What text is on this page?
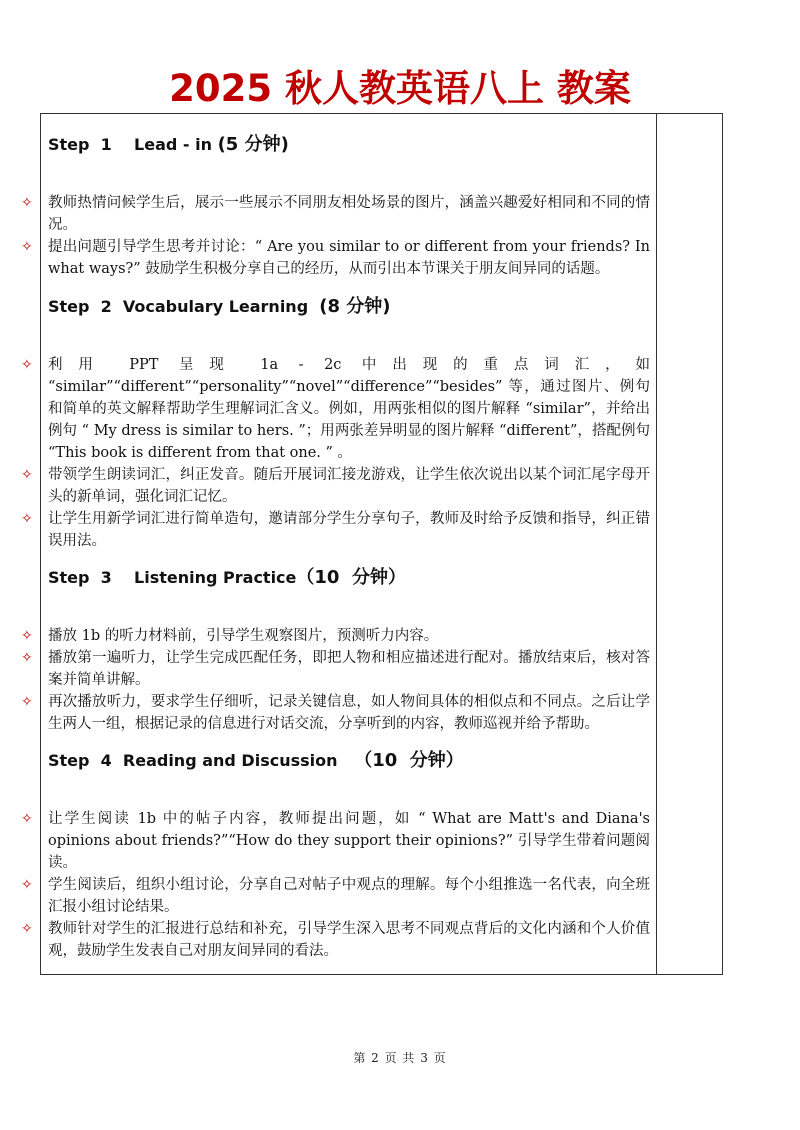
2025 秋人教英语八上 教案

Step  1    Lead - in (5 分钟)

✧ 教师热情问候学生后，展示一些展示不同朋友相处场景的图片，涵盖兴趣爱好相同和不同的情况。

✧ 提出问题引导学生思考并讨论：“ Are you similar to or different from your friends? In what ways?” 鼓励学生积极分享自己的经历，从而引出本节课关于朋友间异同的话题。

Step  2  Vocabulary Learning  (8 分钟)

✧ 利用 PPT 呈现 1a - 2c 中出现的重点词汇，如 “similar”“different”“personality”“novel”“difference”“besides” 等，通过图片、例句和简单的英文解释帮助学生理解词汇含义。例如，用两张相似的图片解释 “similar”，并给出例句 “ My dress is similar to hers. ”；用两张差异明显的图片解释 “different”，搭配例句 “This book is different from that one. ” 。

✧ 带领学生朗读词汇，纠正发音。随后开展词汇接龙游戏，让学生依次说出以某个词汇尾字母开头的新单词，强化词汇记忆。

✧ 让学生用新学词汇进行简单造句，邀请部分学生分享句子，教师及时给予反馈和指导，纠正错误用法。

Step  3    Listening Practice（10  分钟）

✧ 播放 1b 的听力材料前，引导学生观察图片，预测听力内容。

✧ 播放第一遍听力，让学生完成匹配任务，即把人物和相应描述进行配对。播放结束后，核对答案并简单讲解。

✧ 再次播放听力，要求学生仔细听，记录关键信息，如人物间具体的相似点和不同点。之后让学生两人一组，根据记录的信息进行对话交流，分享听到的内容，教师巡视并给予帮助。

Step  4  Reading and Discussion   （10  分钟）

✧ 让学生阅读 1b 中的帖子内容，教师提出问题，如 “ What are Matt's and Diana's opinions about friends?”“How do they support their opinions?” 引导学生带着问题阅读。

✧ 学生阅读后，组织小组讨论，分享自己对帖子中观点的理解。每个小组推选一名代表，向全班汇报小组讨论结果。

✧ 教师针对学生的汇报进行总结和补充，引导学生深入思考不同观点背后的文化内涵和个人价值观，鼓励学生发表自己对朋友间异同的看法。

第 2 页 共 3 页
